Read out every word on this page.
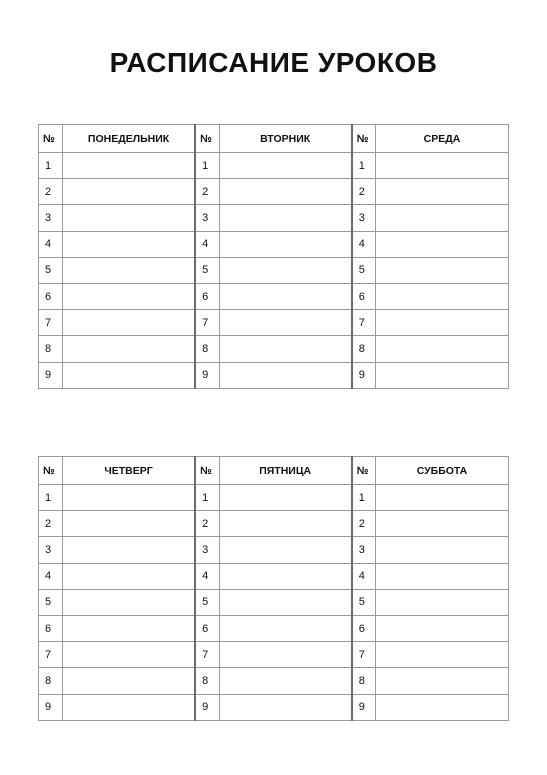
РАСПИСАНИЕ УРОКОВ
№	ПОНЕДЕЛЬНИК	№	ВТОРНИК	№	СРЕДА
1		1		1	
2		2		2	
3		3		3	
4		4		4	
5		5		5	
6		6		6	
7		7		7	
8		8		8	
9		9		9	
№	ЧЕТВЕРГ	№	ПЯТНИЦА	№	СУББОТА
1		1		1	
2		2		2	
3		3		3	
4		4		4	
5		5		5	
6		6		6	
7		7		7	
8		8		8	
9		9		9	
